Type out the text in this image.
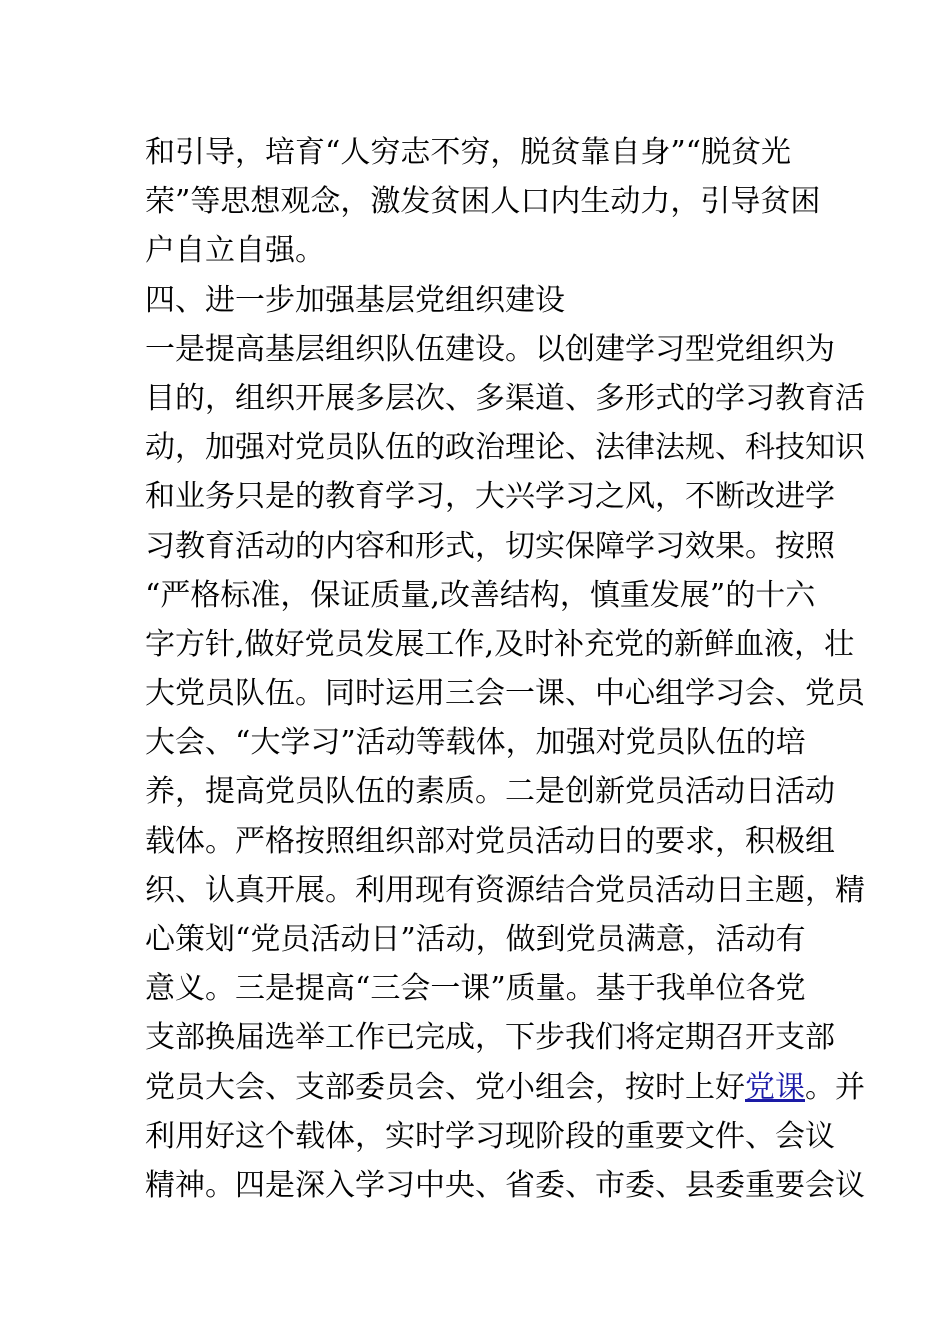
和引导，培育“人穷志不穷，脱贫靠自身”“脱贫光
荣”等思想观念，激发贫困人口内生动力，引导贫困
户自立自强。
四、进一步加强基层党组织建设
一是提高基层组织队伍建设。以创建学习型党组织为
目的，组织开展多层次、多渠道、多形式的学习教育活
动，加强对党员队伍的政治理论、法律法规、科技知识
和业务只是的教育学习，大兴学习之风，不断改进学
习教育活动的内容和形式，切实保障学习效果。按照
“严格标准，保证质量,改善结构，慎重发展”的十六
字方针,做好党员发展工作,及时补充党的新鲜血液，壮
大党员队伍。同时运用三会一课、中心组学习会、党员
大会、“大学习”活动等载体，加强对党员队伍的培
养，提高党员队伍的素质。二是创新党员活动日活动
载体。严格按照组织部对党员活动日的要求，积极组
织、认真开展。利用现有资源结合党员活动日主题，精
心策划“党员活动日”活动，做到党员满意，活动有
意义。三是提高“三会一课”质量。基于我单位各党
支部换届选举工作已完成，下步我们将定期召开支部
党员大会、支部委员会、党小组会，按时上好党课。并
利用好这个载体，实时学习现阶段的重要文件、会议
精神。四是深入学习中央、省委、市委、县委重要会议
